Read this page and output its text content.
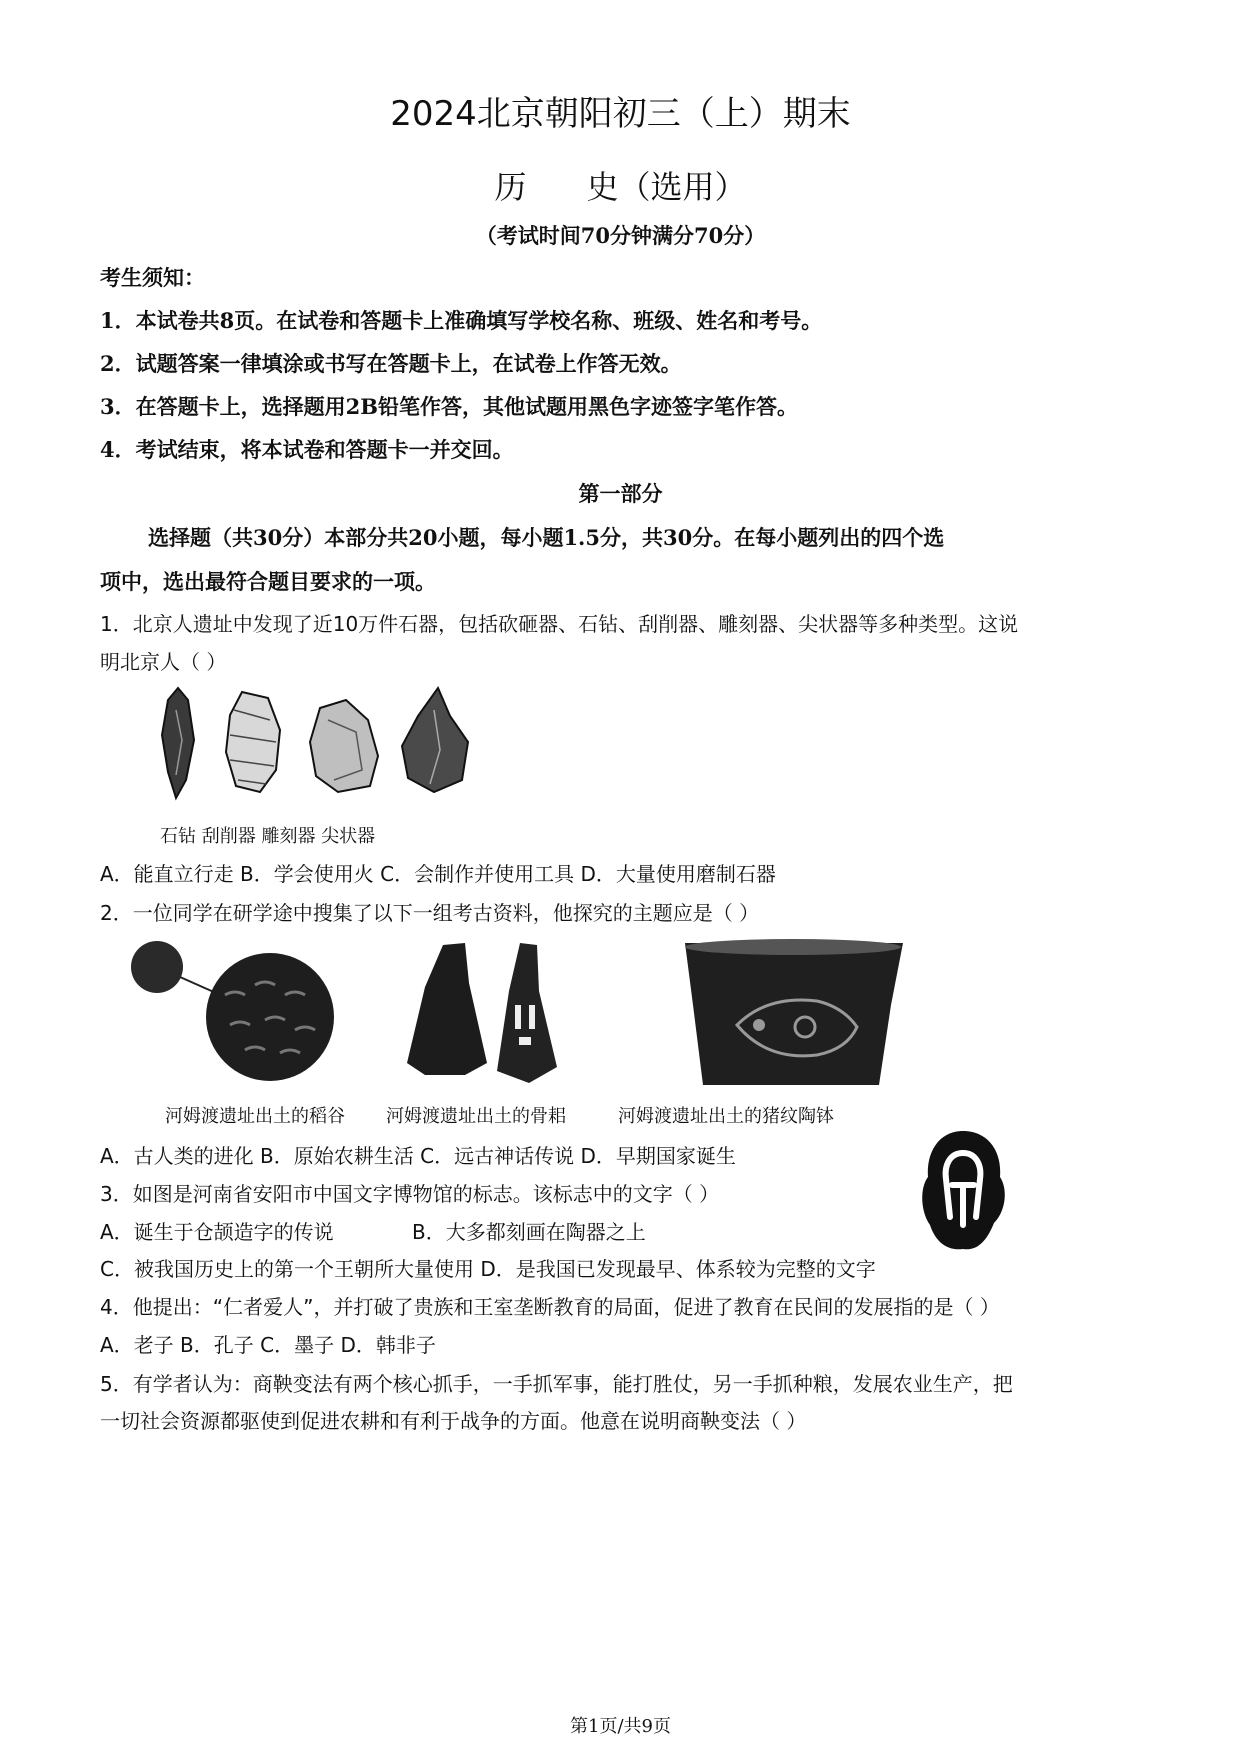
2024北京朝阳初三（上）期末
历 史（选用）
（考试时间70分钟满分70分）
考生须知：
1．本试卷共8页。在试卷和答题卡上准确填写学校名称、班级、姓名和考号。
2．试题答案一律填涂或书写在答题卡上，在试卷上作答无效。
3．在答题卡上，选择题用2B铅笔作答，其他试题用黑色字迹签字笔作答。
4．考试结束，将本试卷和答题卡一并交回。
第一部分
选择题（共30分）本部分共20小题，每小题1.5分，共30分。在每小题列出的四个选
项中，选出最符合题目要求的一项。
1．北京人遗址中发现了近10万件石器，包括砍砸器、石钻、刮削器、雕刻器、尖状器等多种类型。这说
明北京人（ ）
石钻 刮削器 雕刻器 尖状器
A．能直立行走 B．学会使用火 C．会制作并使用工具 D．大量使用磨制石器
2．一位同学在研学途中搜集了以下一组考古资料，他探究的主题应是（ ）
河姆渡遗址出土的稻谷 河姆渡遗址出土的骨耜	河姆渡遗址出土的猪纹陶钵
A．古人类的进化 B．原始农耕生活 C．远古神话传说 D．早期国家诞生
3．如图是河南省安阳市中国文字博物馆的标志。该标志中的文字（ ）
A．诞生于仓颉造字的传说	B．大多都刻画在陶器之上
C．被我国历史上的第一个王朝所大量使用 D．是我国已发现最早、体系较为完整的文字
4．他提出：“仁者爱人”，并打破了贵族和王室垄断教育的局面，促进了教育在民间的发展指的是（ ）
A．老子 B．孔子 C．墨子 D．韩非子
5．有学者认为：商鞅变法有两个核心抓手，一手抓军事，能打胜仗，另一手抓种粮，发展农业生产，把
一切社会资源都驱使到促进农耕和有利于战争的方面。他意在说明商鞅变法（ ）
第1页/共9页
